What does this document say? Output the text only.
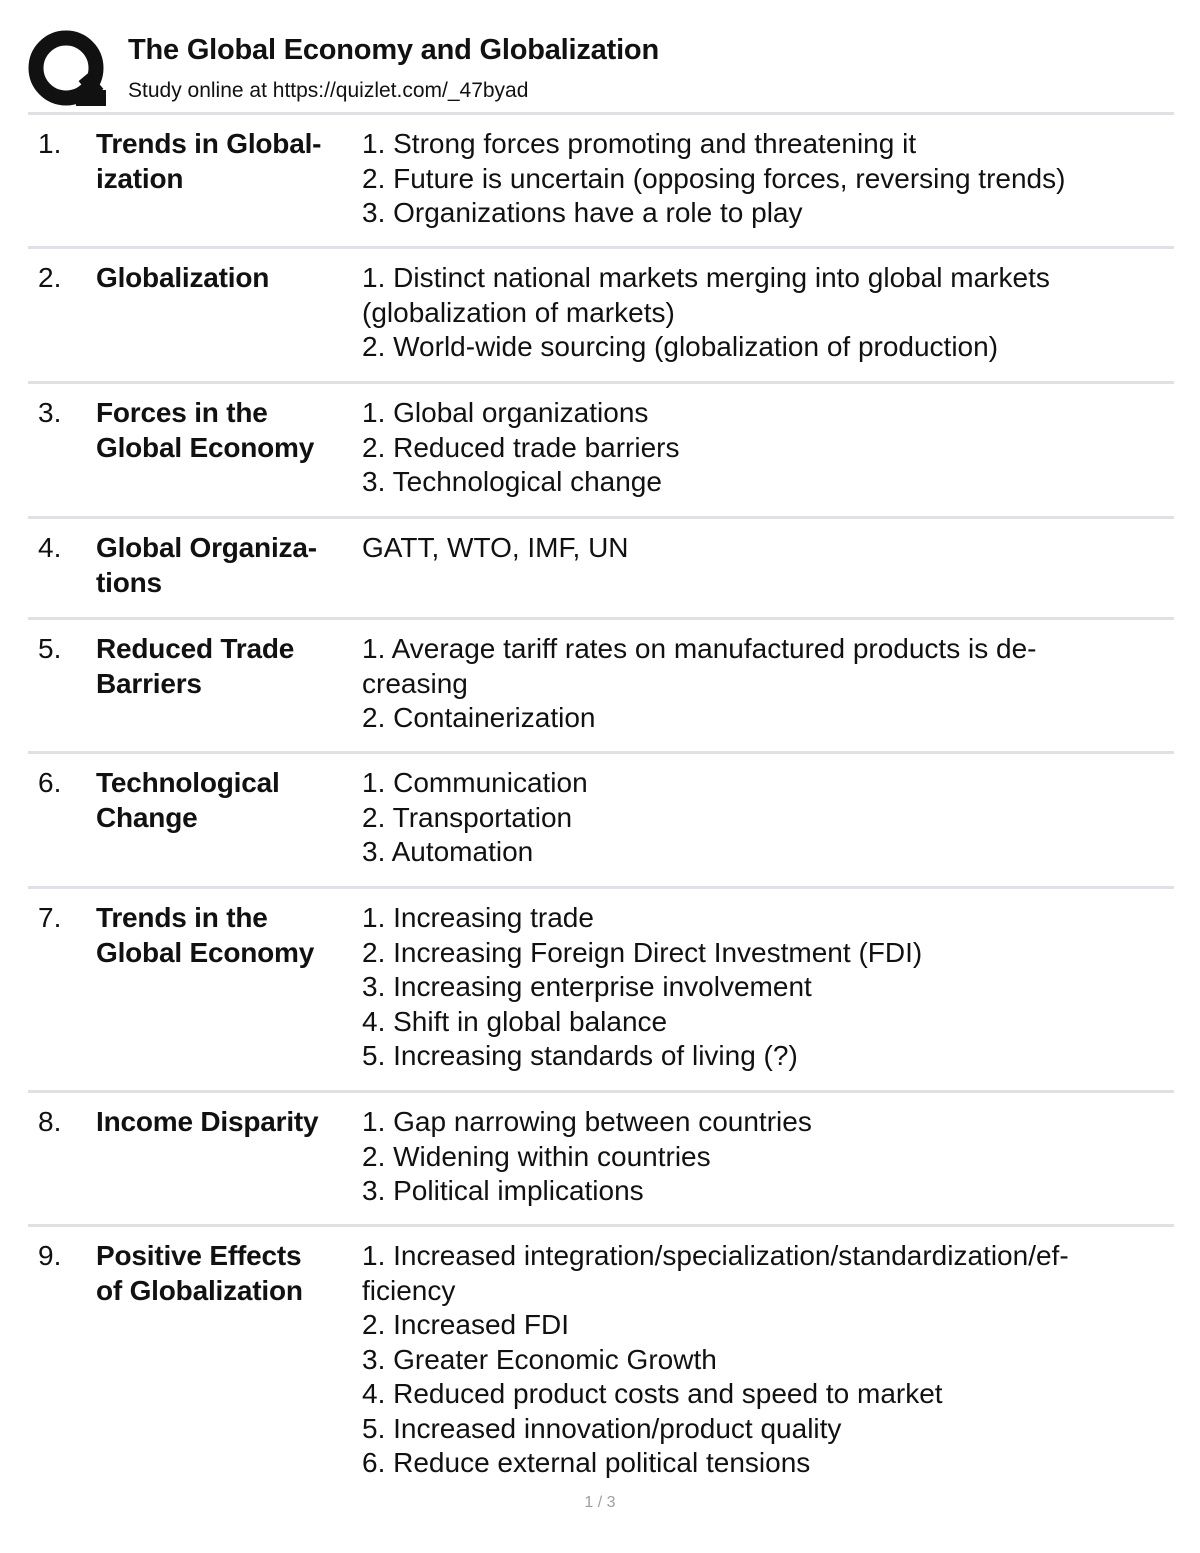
The Global Economy and Globalization
Study online at https://quizlet.com/_47byad
1. Trends in Global-
ization
1. Strong forces promoting and threatening it
2. Future is uncertain (opposing forces, reversing trends)
3. Organizations have a role to play
2. Globalization	1. Distinct national markets merging into global markets
(globalization of markets)
2. World-wide sourcing (globalization of production)
3. Forces in the
Global Economy
1. Global organizations
2. Reduced trade barriers
3. Technological change
4. Global Organiza-
tions
GATT, WTO, IMF, UN
5. Reduced Trade
Barriers
1. Average tariff rates on manufactured products is de-
creasing
2. Containerization
6. Technological
Change
1. Communication
2. Transportation
3. Automation
7. Trends in the
Global Economy
1. Increasing trade
2. Increasing Foreign Direct Investment (FDI)
3. Increasing enterprise involvement
4. Shift in global balance
5. Increasing standards of living (?)
8. Income Disparity	1. Gap narrowing between countries
2. Widening within countries
3. Political implications
9. Positive Effects
of Globalization
1. Increased integration/specialization/standardization/ef-
ficiency
2. Increased FDI
3. Greater Economic Growth
4. Reduced product costs and speed to market
5. Increased innovation/product quality
6. Reduce external political tensions
1 / 3
